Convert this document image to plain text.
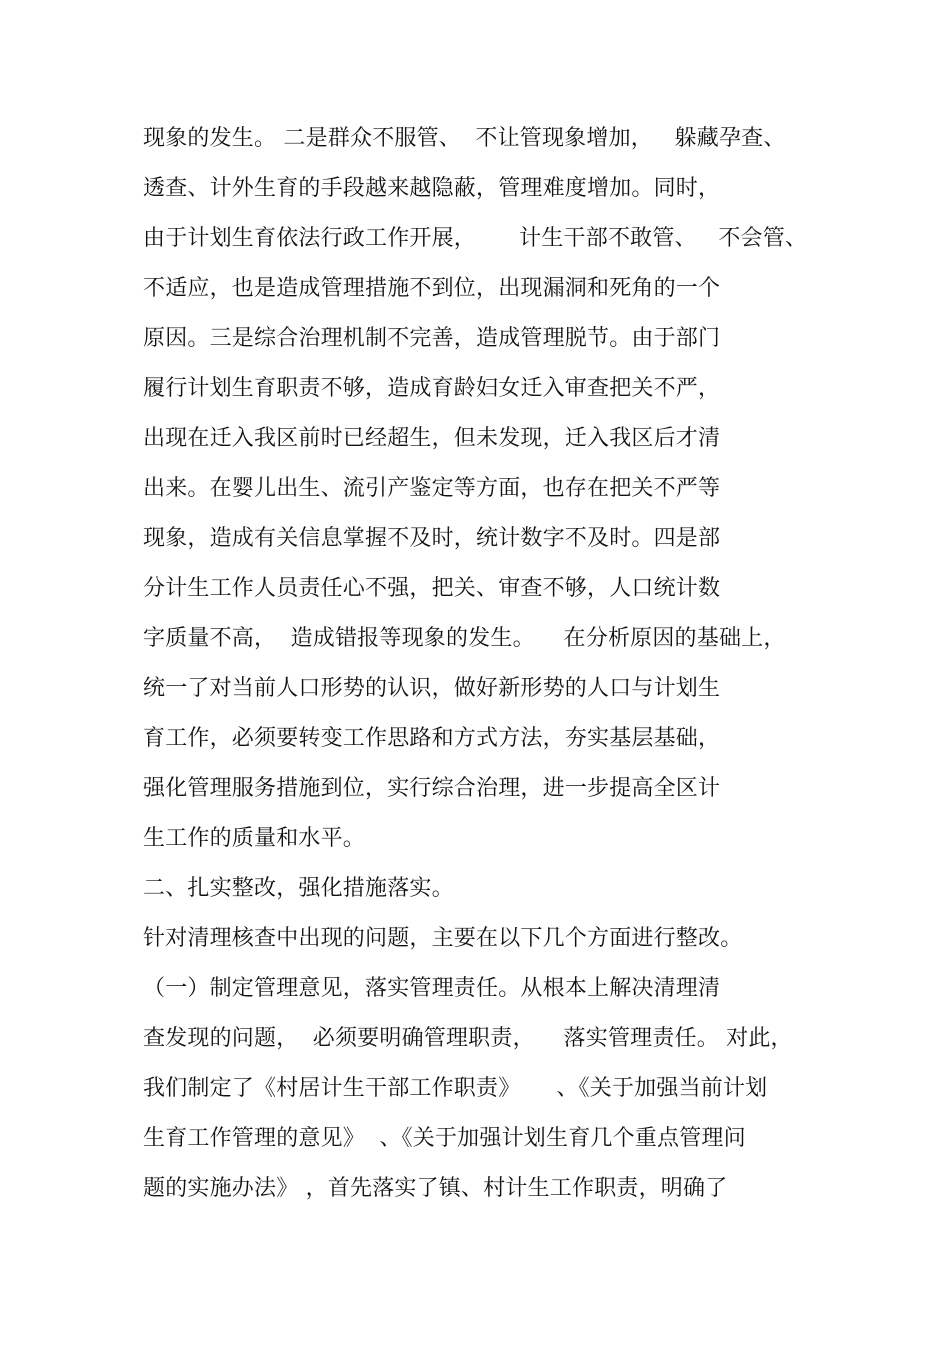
现象的发生。 二是群众不服管、  不让管现象增加，   躲藏孕查、
透查、计外生育的手段越来越隐蔽，管理难度增加。同时，
由于计划生育依法行政工作开展，      计生干部不敢管、   不会管、
不适应，也是造成管理措施不到位，出现漏洞和死角的一个
原因。三是综合治理机制不完善，造成管理脱节。由于部门
履行计划生育职责不够，造成育龄妇女迁入审查把关不严，
出现在迁入我区前时已经超生，但未发现，迁入我区后才清
出来。在婴儿出生、流引产鉴定等方面，也存在把关不严等
现象，造成有关信息掌握不及时，统计数字不及时。四是部
分计生工作人员责任心不强，把关、审查不够，人口统计数
字质量不高，  造成错报等现象的发生。    在分析原因的基础上，
统一了对当前人口形势的认识，做好新形势的人口与计划生
育工作，必须要转变工作思路和方式方法，夯实基层基础，
强化管理服务措施到位，实行综合治理，进一步提高全区计
生工作的质量和水平。
二、扎实整改，强化措施落实。
针对清理核查中出现的问题，主要在以下几个方面进行整改。
（一）制定管理意见，落实管理责任。从根本上解决清理清
查发现的问题，  必须要明确管理职责，    落实管理责任。 对此，
我们制定了《村居计生干部工作职责》     、《关于加强当前计划
生育工作管理的意见》  、《关于加强计划生育几个重点管理问
题的实施办法》 ，首先落实了镇、村计生工作职责，明确了
